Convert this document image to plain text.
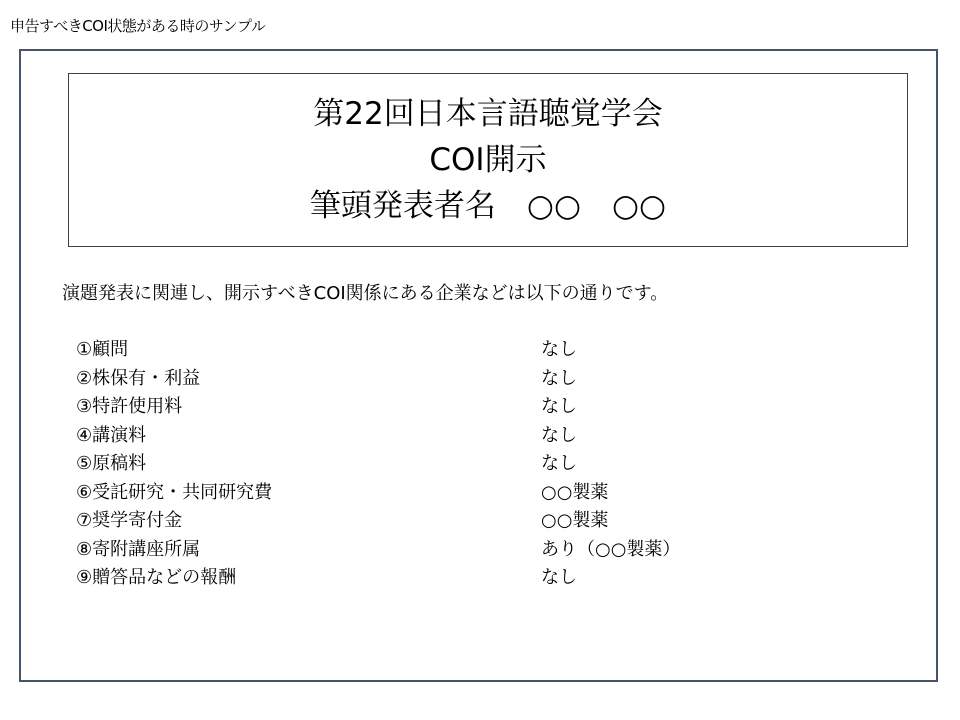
申告すべきCOI状態がある時のサンプル
第22回日本言語聴覚学会
COI開示
筆頭発表者名　○○　○○
演題発表に関連し、開示すべきCOI関係にある企業などは以下の通りです。
①顧問	なし
②株保有・利益	なし
③特許使用料	なし
④講演料	なし
⑤原稿料	なし
⑥受託研究・共同研究費	○○製薬
⑦奨学寄付金	○○製薬
⑧寄附講座所属	あり（○○製薬）
⑨贈答品などの報酬	なし
